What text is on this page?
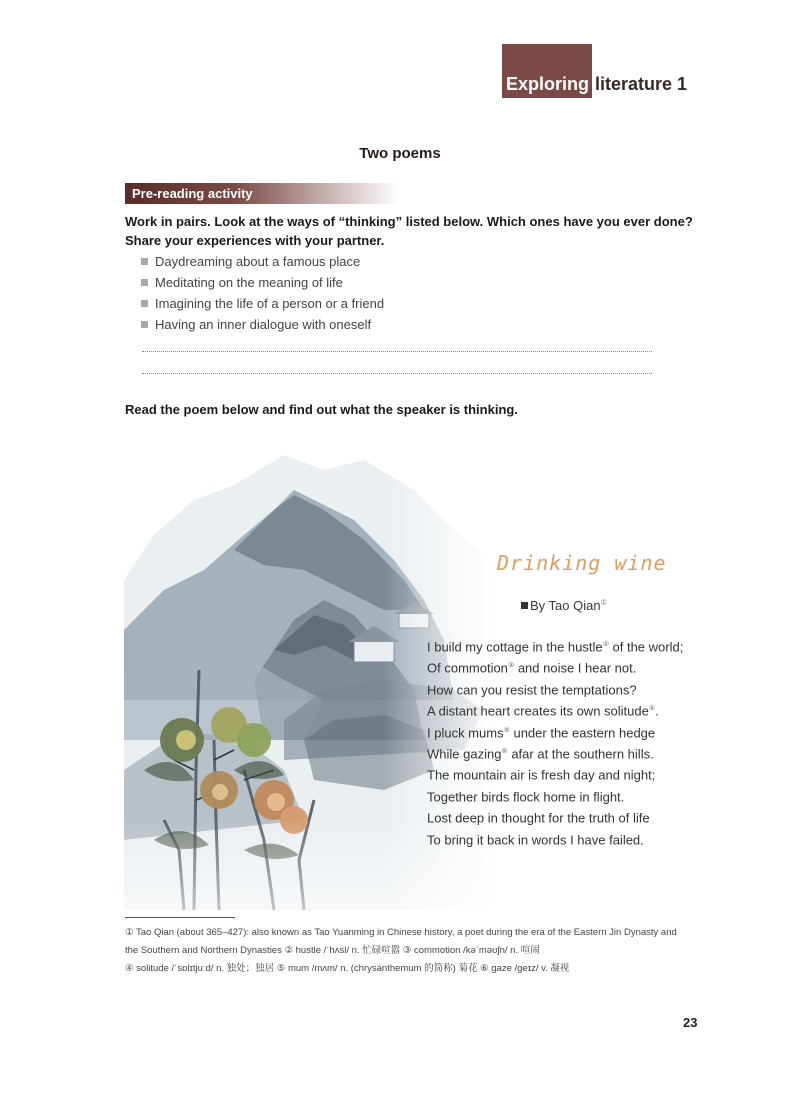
Exploring literature 1
Two poems
Pre-reading activity
Work in pairs. Look at the ways of “thinking” listed below. Which ones have you ever done?
Share your experiences with your partner.
Daydreaming about a famous place
Meditating on the meaning of life
Imagining the life of a person or a friend
Having an inner dialogue with oneself
Read the poem below and find out what the speaker is thinking.
Drinking wine
By Tao Qian①
I build my cottage in the hustle② of the world;
Of commotion③ and noise I hear not.
How can you resist the temptations?
A distant heart creates its own solitude④.
I pluck mums⑤ under the eastern hedge
While gazing⑥ afar at the southern hills.
The mountain air is fresh day and night;
Together birds flock home in flight.
Lost deep in thought for the truth of life
To bring it back in words I have failed.
① Tao Qian (about 365–427): also known as Tao Yuanming in Chinese history, a poet during the era of the Eastern Jin Dynasty and
the Southern and Northern Dynasties ② hustle /ˈhʌsl/ n. 忙碌喧嚣 ③ commotion /kəˈməʊʃn/ n. 喧闹
④ solitude /ˈsɒlɪtjuːd/ n. 独处；独居 ⑤ mum /mʌm/ n. (chrysanthemum 的简称) 菊花 ⑥ gaze /ɡeɪz/ v. 凝视
23
